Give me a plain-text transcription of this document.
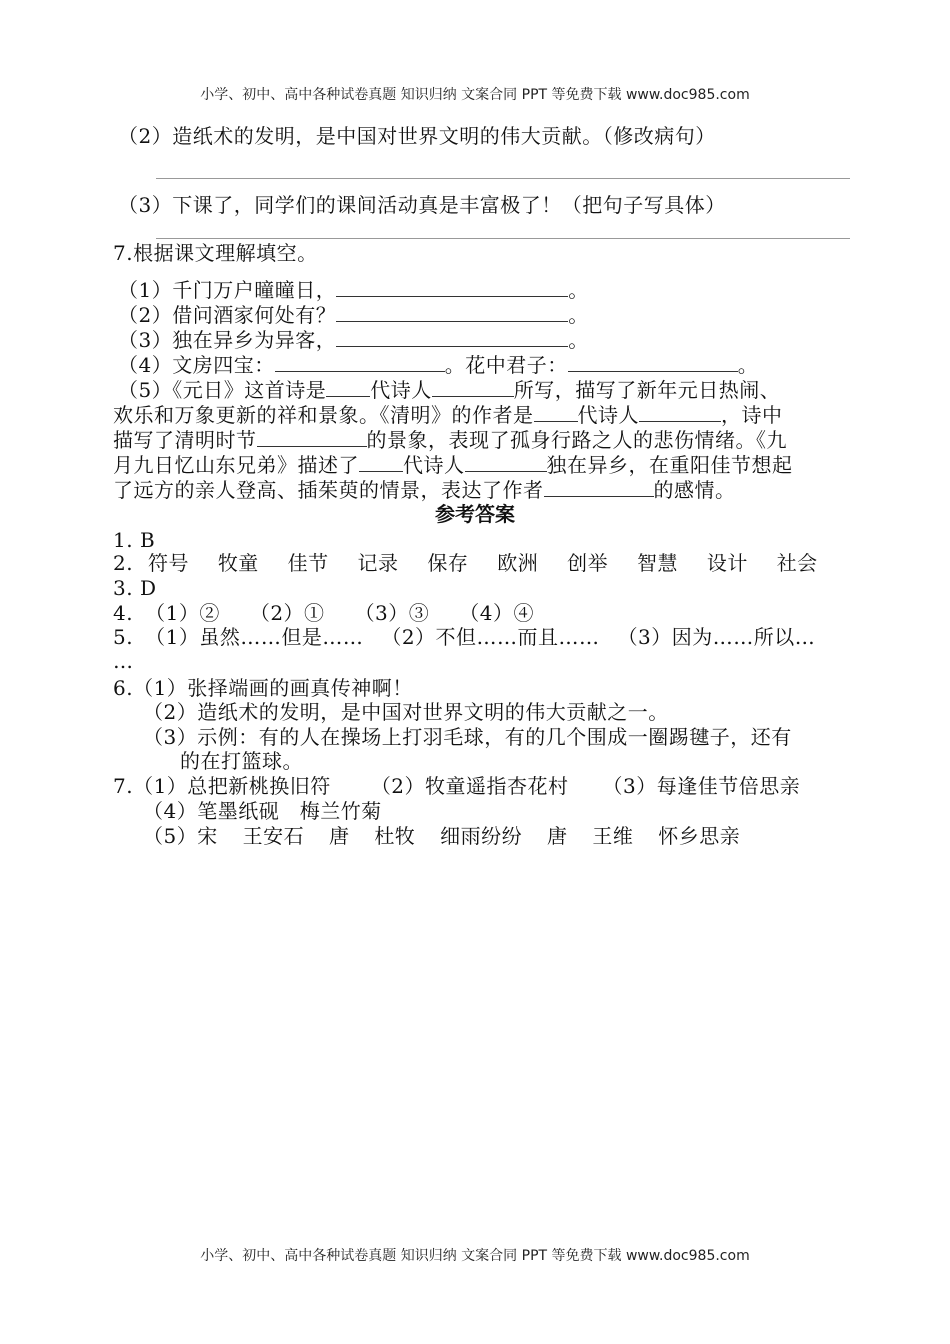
小学、初中、高中各种试卷真题 知识归纳 文案合同 PPT 等免费下载 www.doc985.com
（2）造纸术的发明，是中国对世界文明的伟大贡献。（修改病句）
（3）下课了，同学们的课间活动真是丰富极了！（把句子写具体）
7.根据课文理解填空。
（1）千门万户曈曈日，	。
（2）借问酒家何处有？	。
（3）独在异乡为异客，	。
（4）文房四宝：	。花中君子：	。
（5）《元日》这首诗是 代诗人	所写，描写了新年元日热闹、
欢乐和万象更新的祥和景象。《清明》的作者是 代诗人	，诗中
描写了清明时节	的景象，表现了孤身行路之人的悲伤情绪。《九
月九日忆山东兄弟》描述了 代诗人	独在异乡，在重阳佳节想起
了远方的亲人登高、插茱萸的情景，表达了作者	的感情。
参考答案
1. B
2. 符号 牧童 佳节 记录 保存 欧洲 创举 智慧 设计 社会
3. D
4. （1）② （2）① （3）③ （4）④
5. （1）虽然……但是…… （2）不但……而且…… （3）因为……所以…
…
6.（1）张择端画的画真传神啊！
（2）造纸术的发明，是中国对世界文明的伟大贡献之一。
（3）示例：有的人在操场上打羽毛球，有的几个围成一圈踢毽子，还有
的在打篮球。
7.（1）总把新桃换旧符 （2）牧童遥指杏花村 （3）每逢佳节倍思亲
（4）笔墨纸砚　梅兰竹菊
（5）宋 王安石 唐 杜牧 细雨纷纷 唐 王维 怀乡思亲
小学、初中、高中各种试卷真题 知识归纳 文案合同 PPT 等免费下载 www.doc985.com
